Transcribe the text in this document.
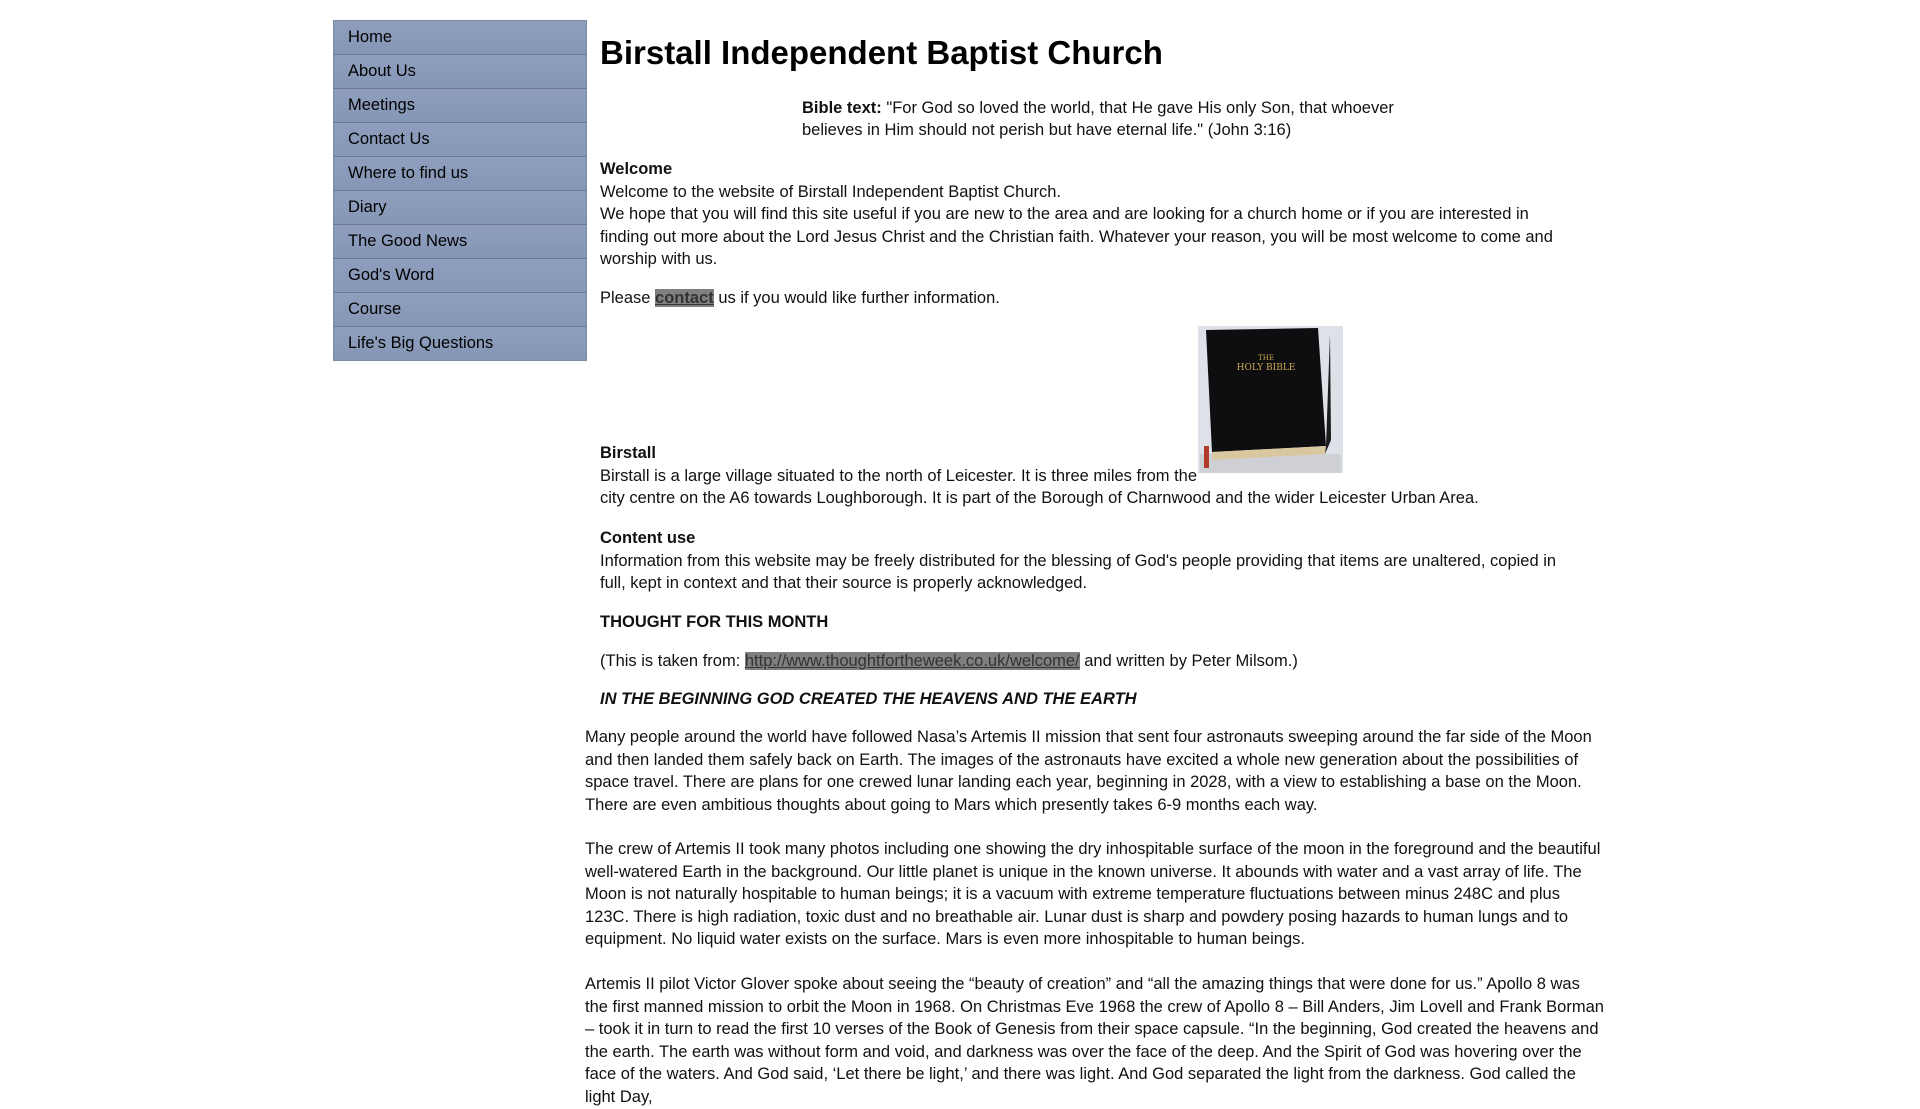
Home
About Us
Meetings
Contact Us
Where to find us
Diary
The Good News
God's Word
Course
Life's Big Questions
Birstall Independent Baptist Church
Bible text: "For God so loved the world, that He gave His only Son, that whoever believes in Him should not perish but have eternal life." (John 3:16)
Welcome
Welcome to the website of Birstall Independent Baptist Church.
We hope that you will find this site useful if you are new to the area and are looking for a church home or if you are interested in finding out more about the Lord Jesus Christ and the Christian faith. Whatever your reason, you will be most welcome to come and worship with us.
Please contact us if you would like further information.
THE
HOLY BIBLE
Birstall
Birstall is a large village situated to the north of Leicester. It is three miles from the
city centre on the A6 towards Loughborough. It is part of the Borough of Charnwood and the wider Leicester Urban Area.
Content use
Information from this website may be freely distributed for the blessing of God's people providing that items are unaltered, copied in full, kept in context and that their source is properly acknowledged.
THOUGHT FOR THIS MONTH
(This is taken from: http://www.thoughtfortheweek.co.uk/welcome/ and written by Peter Milsom.)
IN THE BEGINNING GOD CREATED THE HEAVENS AND THE EARTH
Many people around the world have followed Nasa’s Artemis II mission that sent four astronauts sweeping around the far side of the Moon and then landed them safely back on Earth. The images of the astronauts have excited a whole new generation about the possibilities of space travel. There are plans for one crewed lunar landing each year, beginning in 2028, with a view to establishing a base on the Moon. There are even ambitious thoughts about going to Mars which presently takes 6-9 months each way.
The crew of Artemis II took many photos including one showing the dry inhospitable surface of the moon in the foreground and the beautiful well-watered Earth in the background. Our little planet is unique in the known universe. It abounds with water and a vast array of life. The Moon is not naturally hospitable to human beings; it is a vacuum with extreme temperature fluctuations between minus 248C and plus 123C. There is high radiation, toxic dust and no breathable air. Lunar dust is sharp and powdery posing hazards to human lungs and to equipment. No liquid water exists on the surface. Mars is even more inhospitable to human beings.
Artemis II pilot Victor Glover spoke about seeing the “beauty of creation” and “all the amazing things that were done for us.” Apollo 8 was the first manned mission to orbit the Moon in 1968. On Christmas Eve 1968 the crew of Apollo 8 – Bill Anders, Jim Lovell and Frank Borman – took it in turn to read the first 10 verses of the Book of Genesis from their space capsule. “In the beginning, God created the heavens and the earth. The earth was without form and void, and darkness was over the face of the deep. And the Spirit of God was hovering over the face of the waters. And God said, ‘Let there be light,’ and there was light. And God separated the light from the darkness. God called the light Day,
